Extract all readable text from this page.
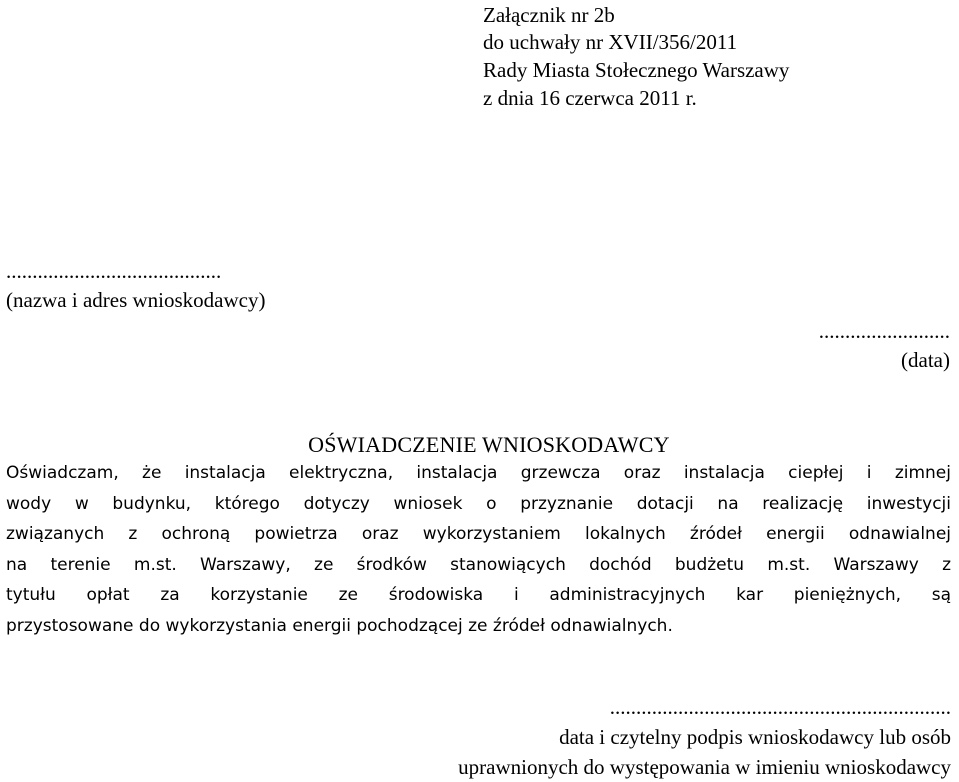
Załącznik nr 2b
do uchwały nr XVII/356/2011
Rady Miasta Stołecznego Warszawy
z dnia 16 czerwca 2011 r.
.........................................
(nazwa i adres wnioskodawcy)
.........................
(data)

OŚWIADCZENIE WNIOSKODAWCY

Oświadczam, że instalacja elektryczna, instalacja grzewcza oraz instalacja ciepłej i zimnej
wody w budynku, którego dotyczy wniosek o przyznanie dotacji na realizację inwestycji
związanych z ochroną powietrza oraz wykorzystaniem lokalnych źródeł energii odnawialnej
na terenie m.st. Warszawy, ze środków stanowiących dochód budżetu m.st. Warszawy z
tytułu opłat za korzystanie ze środowiska i administracyjnych kar pieniężnych, są
przystosowane do wykorzystania energii pochodzącej ze źródeł odnawialnych.
.................................................................
data i czytelny podpis wnioskodawcy lub osób
uprawnionych do występowania w imieniu wnioskodawcy
